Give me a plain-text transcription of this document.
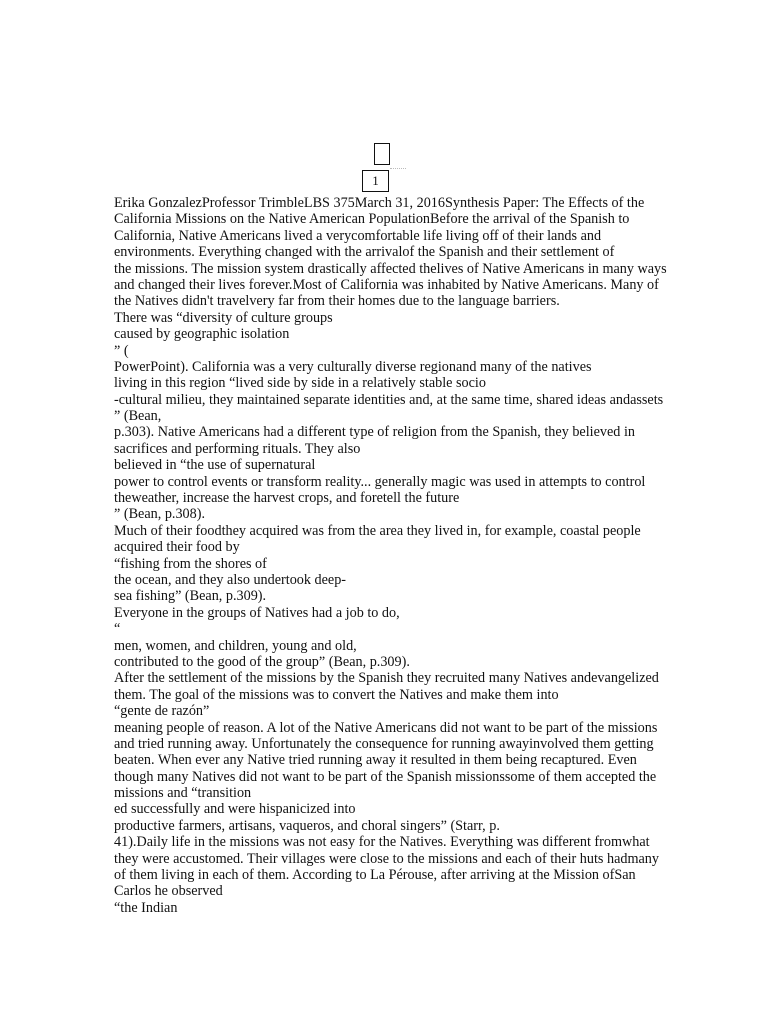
1
Erika GonzalezProfessor TrimbleLBS 375March 31, 2016Synthesis Paper: The Effects of the
California Missions on the Native American PopulationBefore the arrival of the Spanish to
California, Native Americans lived a verycomfortable life living off of their lands and
environments. Everything changed with the arrivalof the Spanish and their settlement of
the missions. The mission system drastically affected thelives of Native Americans in many ways
and changed their lives forever.Most of California was inhabited by Native Americans. Many of
the Natives didn't travelvery far from their homes due to the language barriers.
There was “diversity of culture groups
caused by geographic isolation
” (
PowerPoint). California was a very culturally diverse regionand many of the natives
living in this region “lived side by side in a relatively stable socio
-cultural milieu, they maintained separate identities and, at the same time, shared ideas andassets
” (Bean,
p.303). Native Americans had a different type of religion from the Spanish, they believed in
sacrifices and performing rituals. They also
believed in “the use of supernatural
power to control events or transform reality... generally magic was used in attempts to control
theweather, increase the harvest crops, and foretell the future
” (Bean, p.308).
Much of their foodthey acquired was from the area they lived in, for example, coastal people
acquired their food by
“fishing from the shores of
the ocean, and they also undertook deep-
sea fishing” (Bean, p.309).
Everyone in the groups of Natives had a job to do,
“
men, women, and children, young and old,
contributed to the good of the group” (Bean, p.309).
After the settlement of the missions by the Spanish they recruited many Natives andevangelized
them. The goal of the missions was to convert the Natives and make them into
“gente de razón”
meaning people of reason. A lot of the Native Americans did not want to be part of the missions
and tried running away. Unfortunately the consequence for running awayinvolved them getting
beaten. When ever any Native tried running away it resulted in them being recaptured. Even
though many Natives did not want to be part of the Spanish missionssome of them accepted the
missions and “transition
ed successfully and were hispanicized into
productive farmers, artisans, vaqueros, and choral singers” (Starr, p.
41).Daily life in the missions was not easy for the Natives. Everything was different fromwhat
they were accustomed. Their villages were close to the missions and each of their huts hadmany
of them living in each of them. According to La Pérouse, after arriving at the Mission ofSan
Carlos he observed
“the Indian
